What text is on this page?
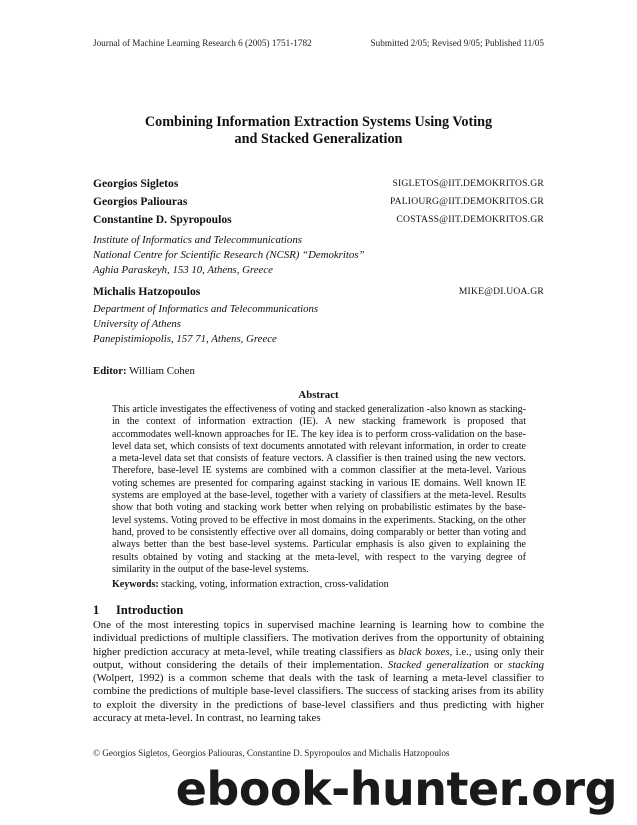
Journal of Machine Learning Research 6 (2005) 1751-1782	Submitted 2/05; Revised 9/05; Published 11/05
Combining Information Extraction Systems Using Voting
and Stacked Generalization
Georgios Sigletos	SIGLETOS@IIT.DEMOKRITOS.GR
Georgios Paliouras	PALIOURG@IIT.DEMOKRITOS.GR
Constantine D. Spyropoulos	COSTASS@IIT.DEMOKRITOS.GR
Institute of Informatics and Telecommunications
National Centre for Scientific Research (NCSR) “Demokritos”
Aghia Paraskeyh, 153 10, Athens, Greece
Michalis Hatzopoulos	MIKE@DI.UOA.GR
Department of Informatics and Telecommunications
University of Athens
Panepistimiopolis, 157 71, Athens, Greece
Editor: William Cohen
Abstract
This article investigates the effectiveness of voting and stacked generalization -also known as stacking- in the context of information extraction (IE). A new stacking framework is proposed that accommodates well-known approaches for IE. The key idea is to perform cross-validation on the base-level data set, which consists of text documents annotated with relevant information, in order to create a meta-level data set that consists of feature vectors. A classifier is then trained using the new vectors. Therefore, base-level IE systems are combined with a common classifier at the meta-level. Various voting schemes are presented for comparing against stacking in various IE domains. Well known IE systems are employed at the base-level, together with a variety of classifiers at the meta-level. Results show that both voting and stacking work better when relying on probabilistic estimates by the base-level systems. Voting proved to be effective in most domains in the experiments. Stacking, on the other hand, proved to be consistently effective over all domains, doing comparably or better than voting and always better than the best base-level systems. Particular emphasis is also given to explaining the results obtained by voting and stacking at the meta-level, with respect to the varying degree of similarity in the output of the base-level systems.
Keywords: stacking, voting, information extraction, cross-validation
1 Introduction
One of the most interesting topics in supervised machine learning is learning how to combine the individual predictions of multiple classifiers. The motivation derives from the opportunity of obtaining higher prediction accuracy at meta-level, while treating classifiers as black boxes, i.e., using only their output, without considering the details of their implementation. Stacked generalization or stacking (Wolpert, 1992) is a common scheme that deals with the task of learning a meta-level classifier to combine the predictions of multiple base-level classifiers. The success of stacking arises from its ability to exploit the diversity in the predictions of base-level classifiers and thus predicting with higher accuracy at meta-level. In contrast, no learning takes
© Georgios Sigletos, Georgios Paliouras, Constantine D. Spyropoulos and Michalis Hatzopoulos
ebook-hunter.org
